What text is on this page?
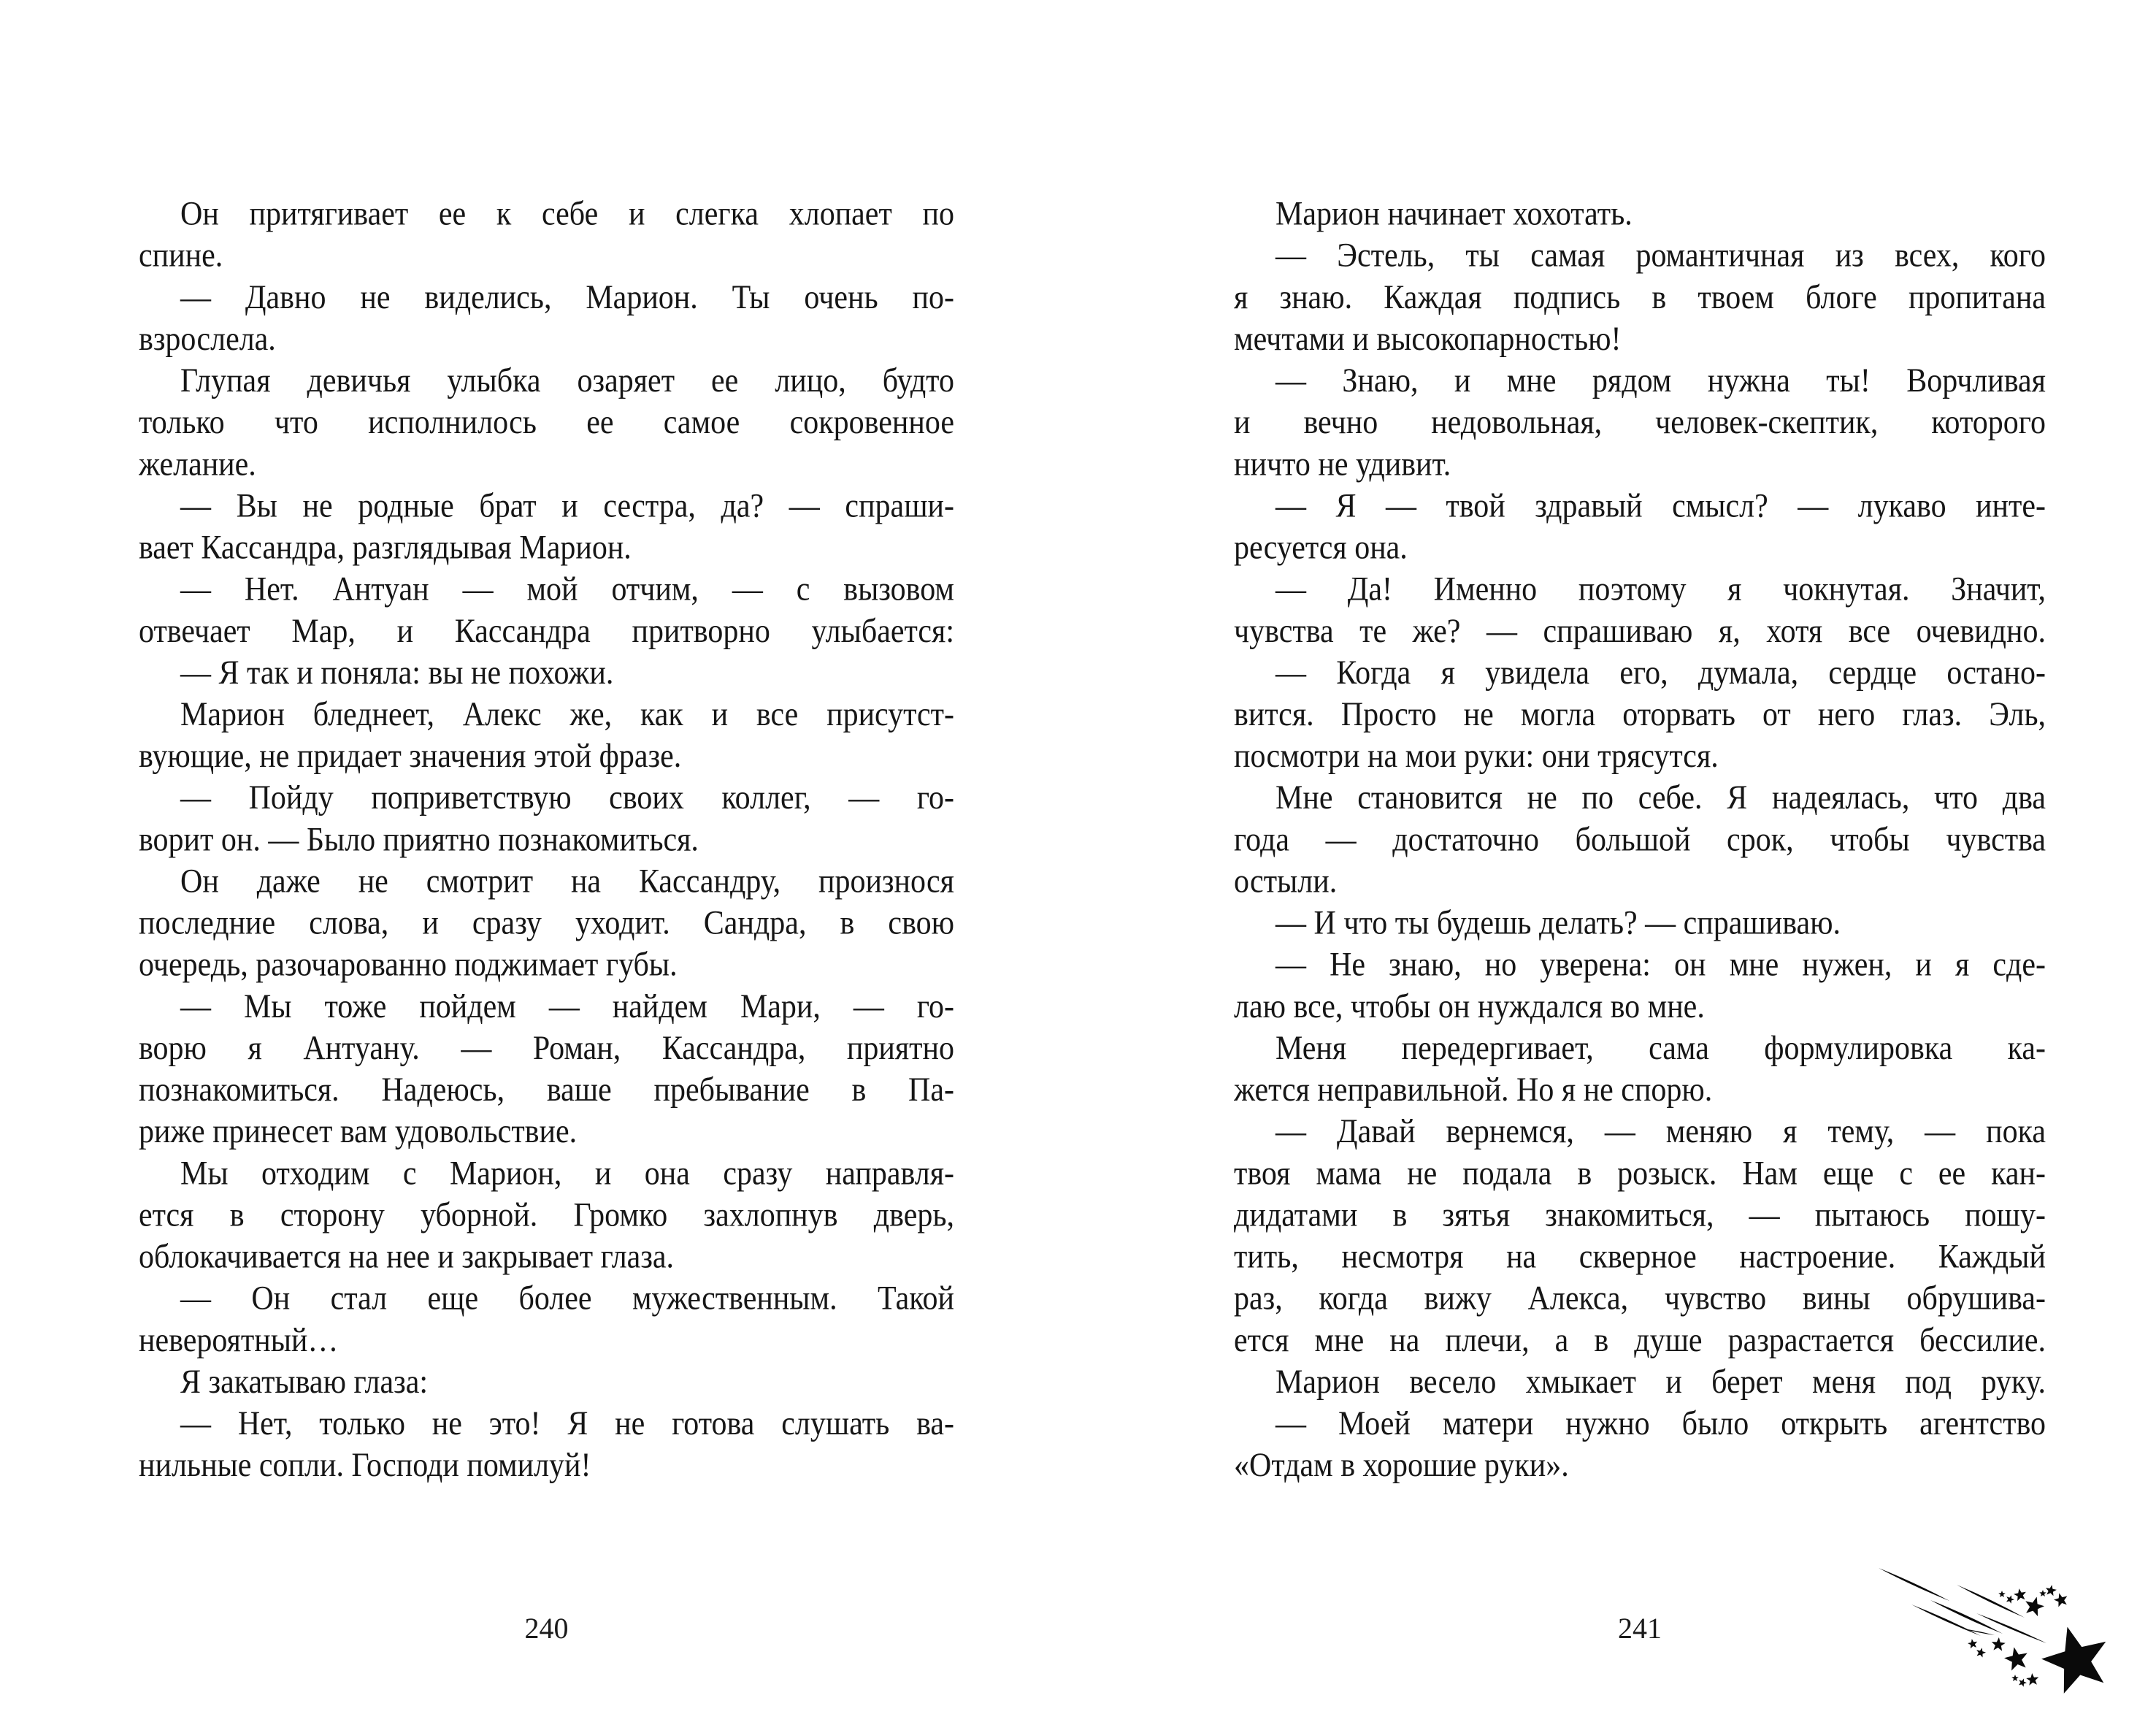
Он притягивает ее к себе и слегка хлопает по
спине.
— Давно не виделись, Марион. Ты очень по-
взрослела.
Глупая девичья улыбка озаряет ее лицо, будто
только что исполнилось ее самое сокровенное
желание.
— Вы не родные брат и сестра, да? — спраши-
вает Кассандра, разглядывая Марион.
— Нет. Антуан — мой отчим, — с вызовом
отвечает Мар, и Кассандра притворно улыбается:
— Я так и поняла: вы не похожи.
Марион бледнеет, Алекс же, как и все присутст-
вующие, не придает значения этой фразе.
— Пойду поприветствую своих коллег, — го-
ворит он. — Было приятно познакомиться.
Он даже не смотрит на Кассандру, произнося
последние слова, и сразу уходит. Сандра, в свою
очередь, разочарованно поджимает губы.
— Мы тоже пойдем — найдем Мари, — го-
ворю я Антуану. — Роман, Кассандра, приятно
познакомиться. Надеюсь, ваше пребывание в Па-
риже принесет вам удовольствие.
Мы отходим с Марион, и она сразу направля-
ется в сторону уборной. Громко захлопнув дверь,
облокачивается на нее и закрывает глаза.
— Он стал еще более мужественным. Такой
невероятный…
Я закатываю глаза:
— Нет, только не это! Я не готова слушать ва-
нильные сопли. Господи помилуй!
240
Марион начинает хохотать.
— Эстель, ты самая романтичная из всех, кого
я знаю. Каждая подпись в твоем блоге пропитана
мечтами и высокопарностью!
— Знаю, и мне рядом нужна ты! Ворчливая
и вечно недовольная, человек-скептик, которого
ничто не удивит.
— Я — твой здравый смысл? — лукаво инте-
ресуется она.
— Да! Именно поэтому я чокнутая. Значит,
чувства те же? — спрашиваю я, хотя все очевидно.
— Когда я увидела его, думала, сердце остано-
вится. Просто не могла оторвать от него глаз. Эль,
посмотри на мои руки: они трясутся.
Мне становится не по себе. Я надеялась, что два
года — достаточно большой срок, чтобы чувства
остыли.
— И что ты будешь делать? — спрашиваю.
— Не знаю, но уверена: он мне нужен, и я сде-
лаю все, чтобы он нуждался во мне.
Меня передергивает, сама формулировка ка-
жется неправильной. Но я не спорю.
— Давай вернемся, — меняю я тему, — пока
твоя мама не подала в розыск. Нам еще с ее кан-
дидатами в зятья знакомиться, — пытаюсь пошу-
тить, несмотря на скверное настроение. Каждый
раз, когда вижу Алекса, чувство вины обрушива-
ется мне на плечи, а в душе разрастается бессилие.
Марион весело хмыкает и берет меня под руку.
— Моей матери нужно было открыть агентство
«Отдам в хорошие руки».
241
